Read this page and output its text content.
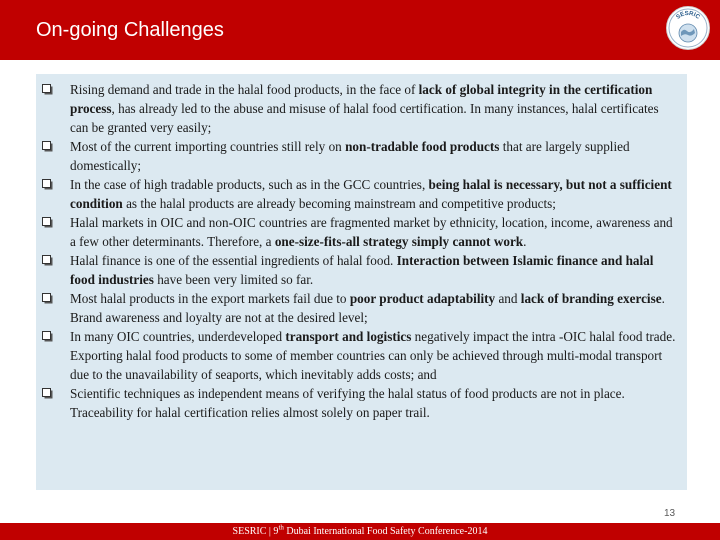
On-going Challenges
SESRIC
Rising demand and trade in the halal food products, in the face of lack of global integrity in the certification process, has already led to the abuse and misuse of halal food certification. In many instances, halal certificates can be granted very easily;
Most of the current importing countries still rely on non-tradable food products that are largely supplied domestically;
In the case of high tradable products, such as in the GCC countries, being halal is necessary, but not a sufficient condition as the halal products are already becoming mainstream and competitive products;
Halal markets in OIC and non-OIC countries are fragmented market by ethnicity, location, income, awareness and a few other determinants. Therefore, a one-size-fits-all strategy simply cannot work.
Halal finance is one of the essential ingredients of halal food. Interaction between Islamic finance and halal food industries have been very limited so far.
Most halal products in the export markets fail due to poor product adaptability and lack of branding exercise. Brand awareness and loyalty are not at the desired level;
In many OIC countries, underdeveloped transport and logistics negatively impact the intra -OIC halal food trade. Exporting halal food products to some of member countries can only be achieved through multi-modal transport due to the unavailability of seaports, which inevitably adds costs; and
Scientific techniques as independent means of verifying the halal status of food products are not in place. Traceability for halal certification relies almost solely on paper trail.
13
SESRIC | 9th Dubai International Food Safety Conference-2014
